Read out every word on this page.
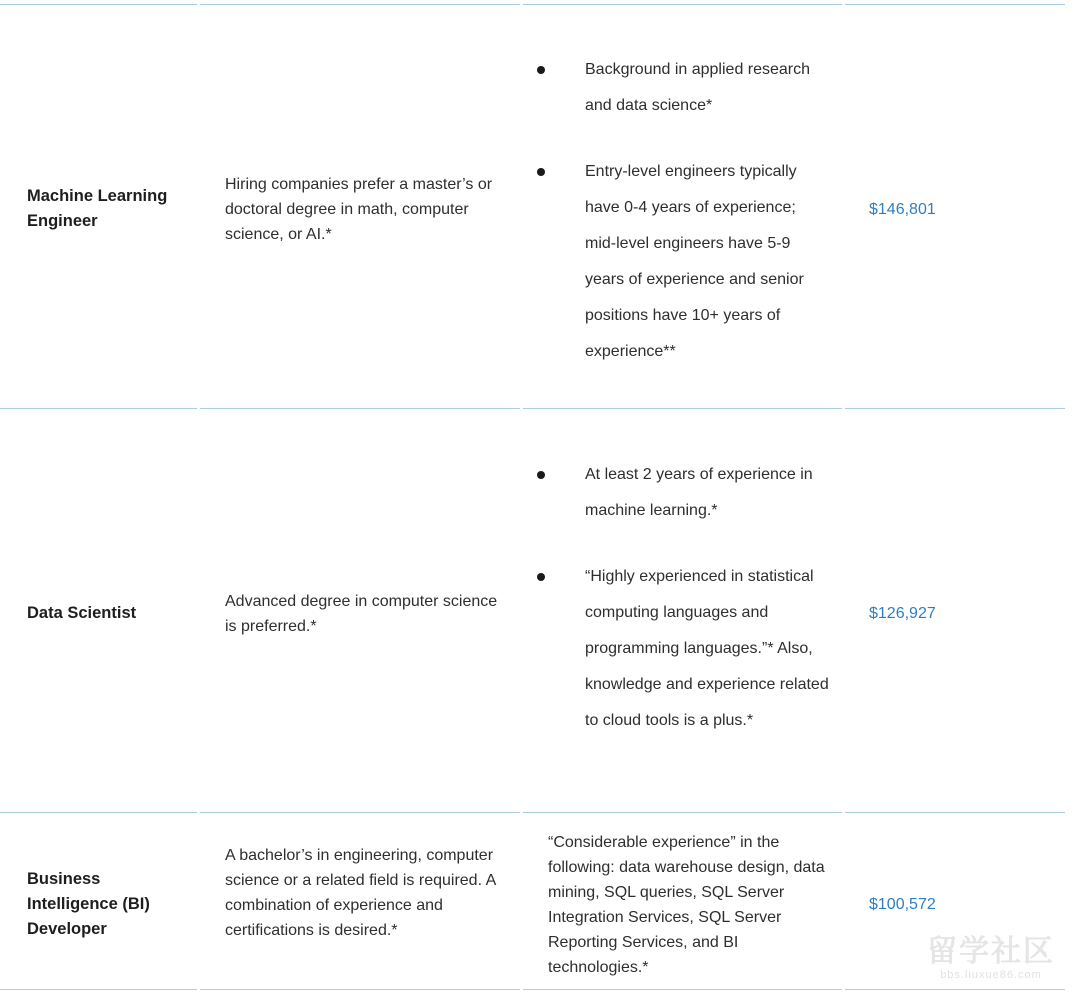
Machine Learning Engineer
Hiring companies prefer a master’s or doctoral degree in math, computer science, or AI.*
Background in applied research and data science*
Entry-level engineers typically have 0-4 years of experience; mid-level engineers have 5-9 years of experience and senior positions have 10+ years of experience**
$146,801
Data Scientist
Advanced degree in computer science is preferred.*
At least 2 years of experience in machine learning.*
“Highly experienced in statistical computing languages and programming languages.”* Also, knowledge and experience related to cloud tools is a plus.*
$126,927
Business Intelligence (BI) Developer
A bachelor’s in engineering, computer science or a related field is required. A combination of experience and certifications is desired.*
“Considerable experience” in the following: data warehouse design, data mining, SQL queries, SQL Server Integration Services, SQL Server Reporting Services, and BI technologies.*
$100,572
留学社区
bbs.liuxue86.com
